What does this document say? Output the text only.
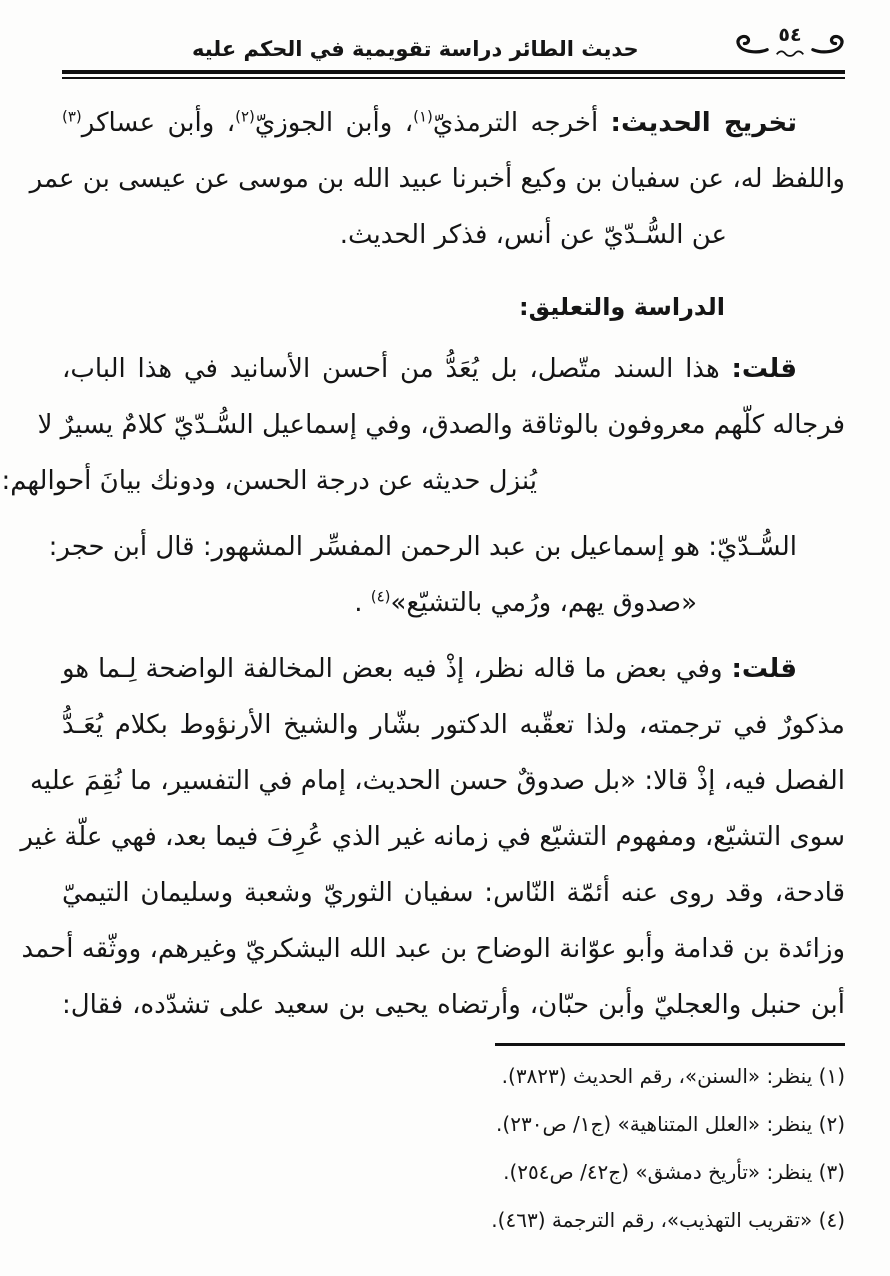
٥٤
حديث الطائر دراسة تقويمية في الحكم عليه
تخريج الحديث: أخرجه الترمذيّ$^{(١)}$، وأبن الجوزيّ$^{(٢)}$، وأبن عساكر$^{(٣)}$
واللفظ له، عن سفيان بن وكيع أخبرنا عبيد الله بن موسى عن عيسى بن عمر
عن السُّـدّيّ عن أنس، فذكر الحديث.
الدراسة والتعليق:
قلت: هذا السند متّصل، بل يُعَدُّ من أحسن الأسانيد في هذا الباب،
فرجاله كلّهم معروفون بالوثاقة والصدق، وفي إسماعيل السُّـدّيّ كلامٌ يسيرٌ لا
يُنزل حديثه عن درجة الحسن، ودونك بيانَ أحوالهم:
السُّـدّيّ: هو إسماعيل بن عبد الرحمن المفسِّر المشهور: قال أبن حجر:
«صدوق يهم، ورُمي بالتشيّع»$^{(٤)}$ .
قلت: وفي بعض ما قاله نظر، إذْ فيه بعض المخالفة الواضحة لِـما هو
مذكورٌ في ترجمته، ولذا تعقّبه الدكتور بشّار والشيخ الأرنؤوط بكلام يُعَـدُّ
الفصل فيه، إذْ قالا: «بل صدوقٌ حسن الحديث، إمام في التفسير، ما نُقِمَ عليه
سوى التشيّع، ومفهوم التشيّع في زمانه غير الذي عُرِفَ فيما بعد، فهي علّة غير
قادحة، وقد روى عنه أئمّة النّاس: سفيان الثوريّ وشعبة وسليمان التيميّ
وزائدة بن قدامة وأبو عوّانة الوضاح بن عبد الله اليشكريّ وغيرهم، ووثّقه أحمد
أبن حنبل والعجليّ وأبن حبّان، وأرتضاه يحيى بن سعيد على تشدّده، فقال:
(١) ينظر: «السنن»، رقم الحديث (٣٨٢٣).
(٢) ينظر: «العلل المتناهية» (ج١/ ص٢٣٠).
(٣) ينظر: «تأريخ دمشق» (ج٤٢/ ص٢٥٤).
(٤) «تقريب التهذيب»، رقم الترجمة (٤٦٣).
